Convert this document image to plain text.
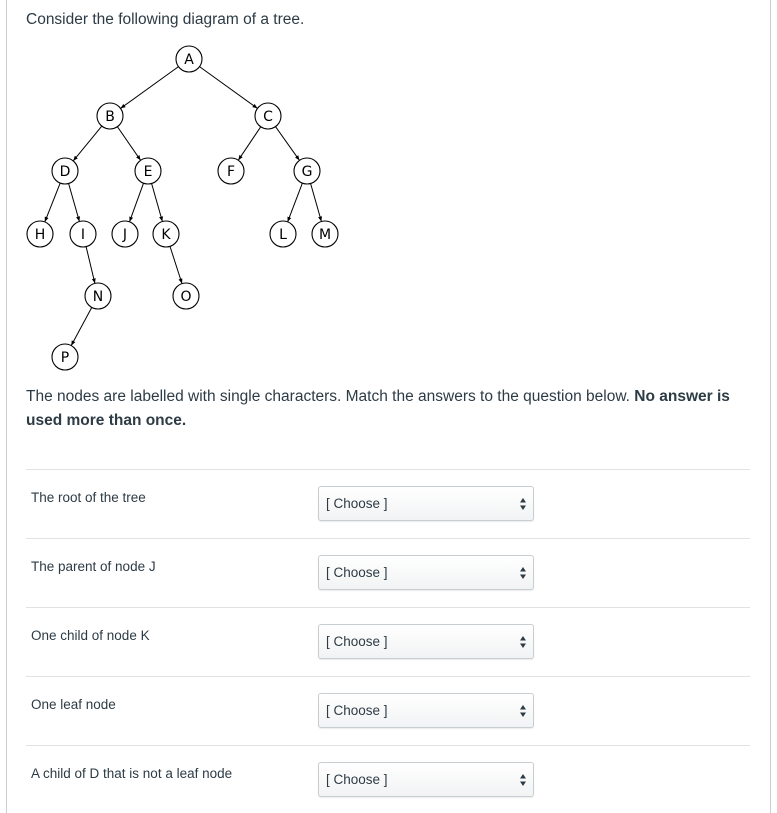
Consider the following diagram of a tree.
A
B	C
D	E	F	G
H	I	J K	L M
N	O
P
The nodes are labelled with single characters. Match the answers to the question below. No answer is used more than once.
The root of the tree	[ Choose ]
The parent of node J	[ Choose ]
One child of node K	[ Choose ]
One leaf node	[ Choose ]
A child of D that is not a leaf node	[ Choose ]
